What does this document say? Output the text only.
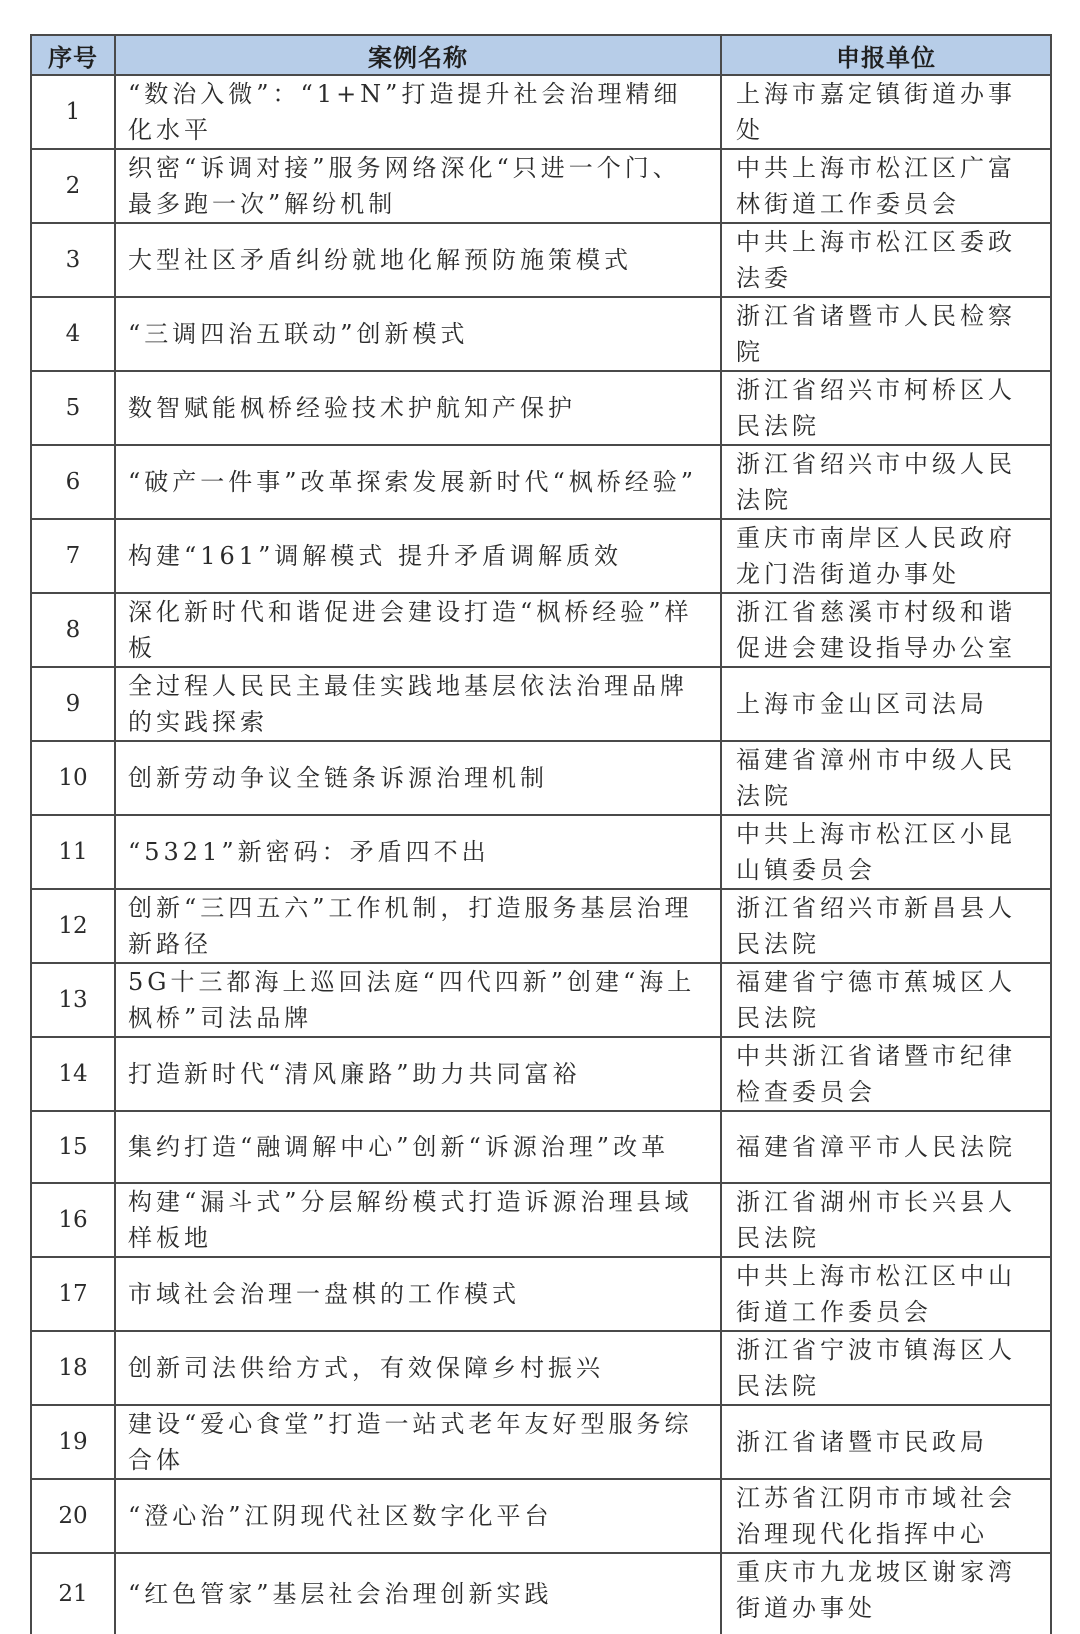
序号	案例名称	申报单位
1	“数治入微”：“1+N”打造提升社会治理精细化水平	上海市嘉定镇街道办事处
2	织密“诉调对接”服务网络深化“只进一个门、最多跑一次”解纷机制	中共上海市松江区广富林街道工作委员会
3	大型社区矛盾纠纷就地化解预防施策模式	中共上海市松江区委政法委
4	“三调四治五联动”创新模式	浙江省诸暨市人民检察院
5	数智赋能枫桥经验技术护航知产保护	浙江省绍兴市柯桥区人民法院
6	“破产一件事”改革探索发展新时代“枫桥经验”	浙江省绍兴市中级人民法院
7	构建“161”调解模式 提升矛盾调解质效	重庆市南岸区人民政府龙门浩街道办事处
8	深化新时代和谐促进会建设打造“枫桥经验”样板	浙江省慈溪市村级和谐促进会建设指导办公室
9	全过程人民民主最佳实践地基层依法治理品牌的实践探索	上海市金山区司法局
10	创新劳动争议全链条诉源治理机制	福建省漳州市中级人民法院
11	“5321”新密码：矛盾四不出	中共上海市松江区小昆山镇委员会
12	创新“三四五六”工作机制，打造服务基层治理新路径	浙江省绍兴市新昌县人民法院
13	5G十三都海上巡回法庭“四代四新”创建“海上枫桥”司法品牌	福建省宁德市蕉城区人民法院
14	打造新时代“清风廉路”助力共同富裕	中共浙江省诸暨市纪律检查委员会
15	集约打造“融调解中心”创新“诉源治理”改革	福建省漳平市人民法院
16	构建“漏斗式”分层解纷模式打造诉源治理县域样板地	浙江省湖州市长兴县人民法院
17	市域社会治理一盘棋的工作模式	中共上海市松江区中山街道工作委员会
18	创新司法供给方式，有效保障乡村振兴	浙江省宁波市镇海区人民法院
19	建设“爱心食堂”打造一站式老年友好型服务综合体	浙江省诸暨市民政局
20	“澄心治”江阴现代社区数字化平台	江苏省江阴市市域社会治理现代化指挥中心
21	“红色管家”基层社会治理创新实践	重庆市九龙坡区谢家湾街道办事处
